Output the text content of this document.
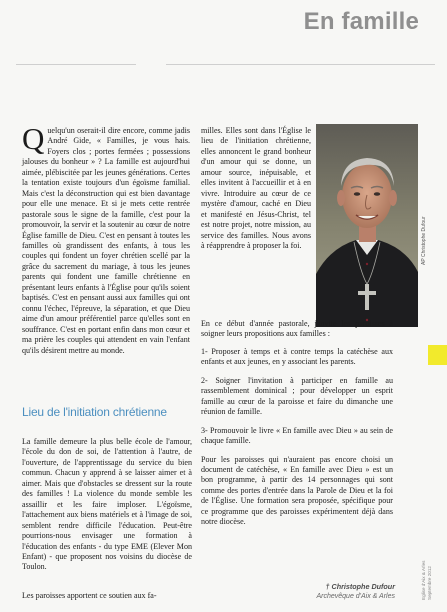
En famille
Quelqu'un oserait-il dire encore, comme jadis André Gide, « Familles, je vous hais. Foyers clos ; portes fermées ; possessions jalouses du bonheur » ? La famille est aujourd'hui aimée, plébiscitée par les jeunes générations. Certes la tentation existe toujours d'un égoïsme familial. Mais c'est la déconstruction qui est bien davantage pour elle une menace. Et si je mets cette rentrée pastorale sous le signe de la famille, c'est pour la promouvoir, la servir et la soutenir au cœur de notre Église famille de Dieu. C'est en pensant à toutes les familles où grandissent des enfants, à tous les couples qui fondent un foyer chrétien scellé par la grâce du sacrement du mariage, à tous les jeunes parents qui fondent une famille chrétienne en présentant leurs enfants à l'Église pour qu'ils soient baptisés. C'est en pensant aussi aux familles qui ont connu l'échec, l'épreuve, la séparation, et que Dieu aime d'un amour préférentiel parce qu'elles sont en souffrance. C'est en portant enfin dans mon cœur et ma prière les couples qui attendent en vain l'enfant qu'ils désirent mettre au monde.
Lieu de l'initiation chrétienne
La famille demeure la plus belle école de l'amour, l'école du don de soi, de l'attention à l'autre, de l'ouverture, de l'apprentissage du service du bien commun. Chacun y apprend à se laisser aimer et à aimer. Mais que d'obstacles se dressent sur la route des familles ! La violence du monde semble les assaillir et les faire imploser. L'égoïsme, l'attachement aux biens matériels et à l'image de soi, semblent rendre difficile l'éducation. Peut-être pourrions-nous envisager une formation à l'éducation des enfants - du type EME (Elever Mon Enfant) - que proposent nos voisins du diocèse de Toulon.
Les paroisses apportent ce soutien aux fa-
milles. Elles sont dans l'Église le lieu de l'initiation chrétienne, elles annoncent le grand bonheur d'un amour qui se donne, un amour source, inépuisable, et elles invitent à l'accueillir et à en vivre. Introduire au cœur de ce mystère d'amour, caché en Dieu et manifesté en Jésus-Christ, tel est notre projet, notre mission, au service des familles. Nous avons à réapprendre à proposer la foi.	AP Christophe Dufour

En ce début d'année pastorale, j'invite les paroisses à soigner leurs propositions aux familles :

1- Proposer à temps et à contre temps la catéchèse aux enfants et aux jeunes, en y associant les parents.

2- Soigner l'invitation à participer en famille au rassemblement dominical ; pour développer un esprit famille au cœur de la paroisse et faire du dimanche une réunion de famille.

3- Promouvoir le livre « En famille avec Dieu » au sein de chaque famille.

Pour les paroisses qui n'auraient pas encore choisi un document de catéchèse, « En famille avec Dieu » est un bon programme, à partir des 14 personnages qui sont comme des portes d'entrée dans la Parole de Dieu et la foi de l'Église. Une formation sera proposée, spécifique pour ce programme que des paroisses expérimentent déjà dans notre diocèse.

† Christophe Dufour
Archevêque d'Aix & Arles	Eglise d'Aix & Arles Septembre 2012
